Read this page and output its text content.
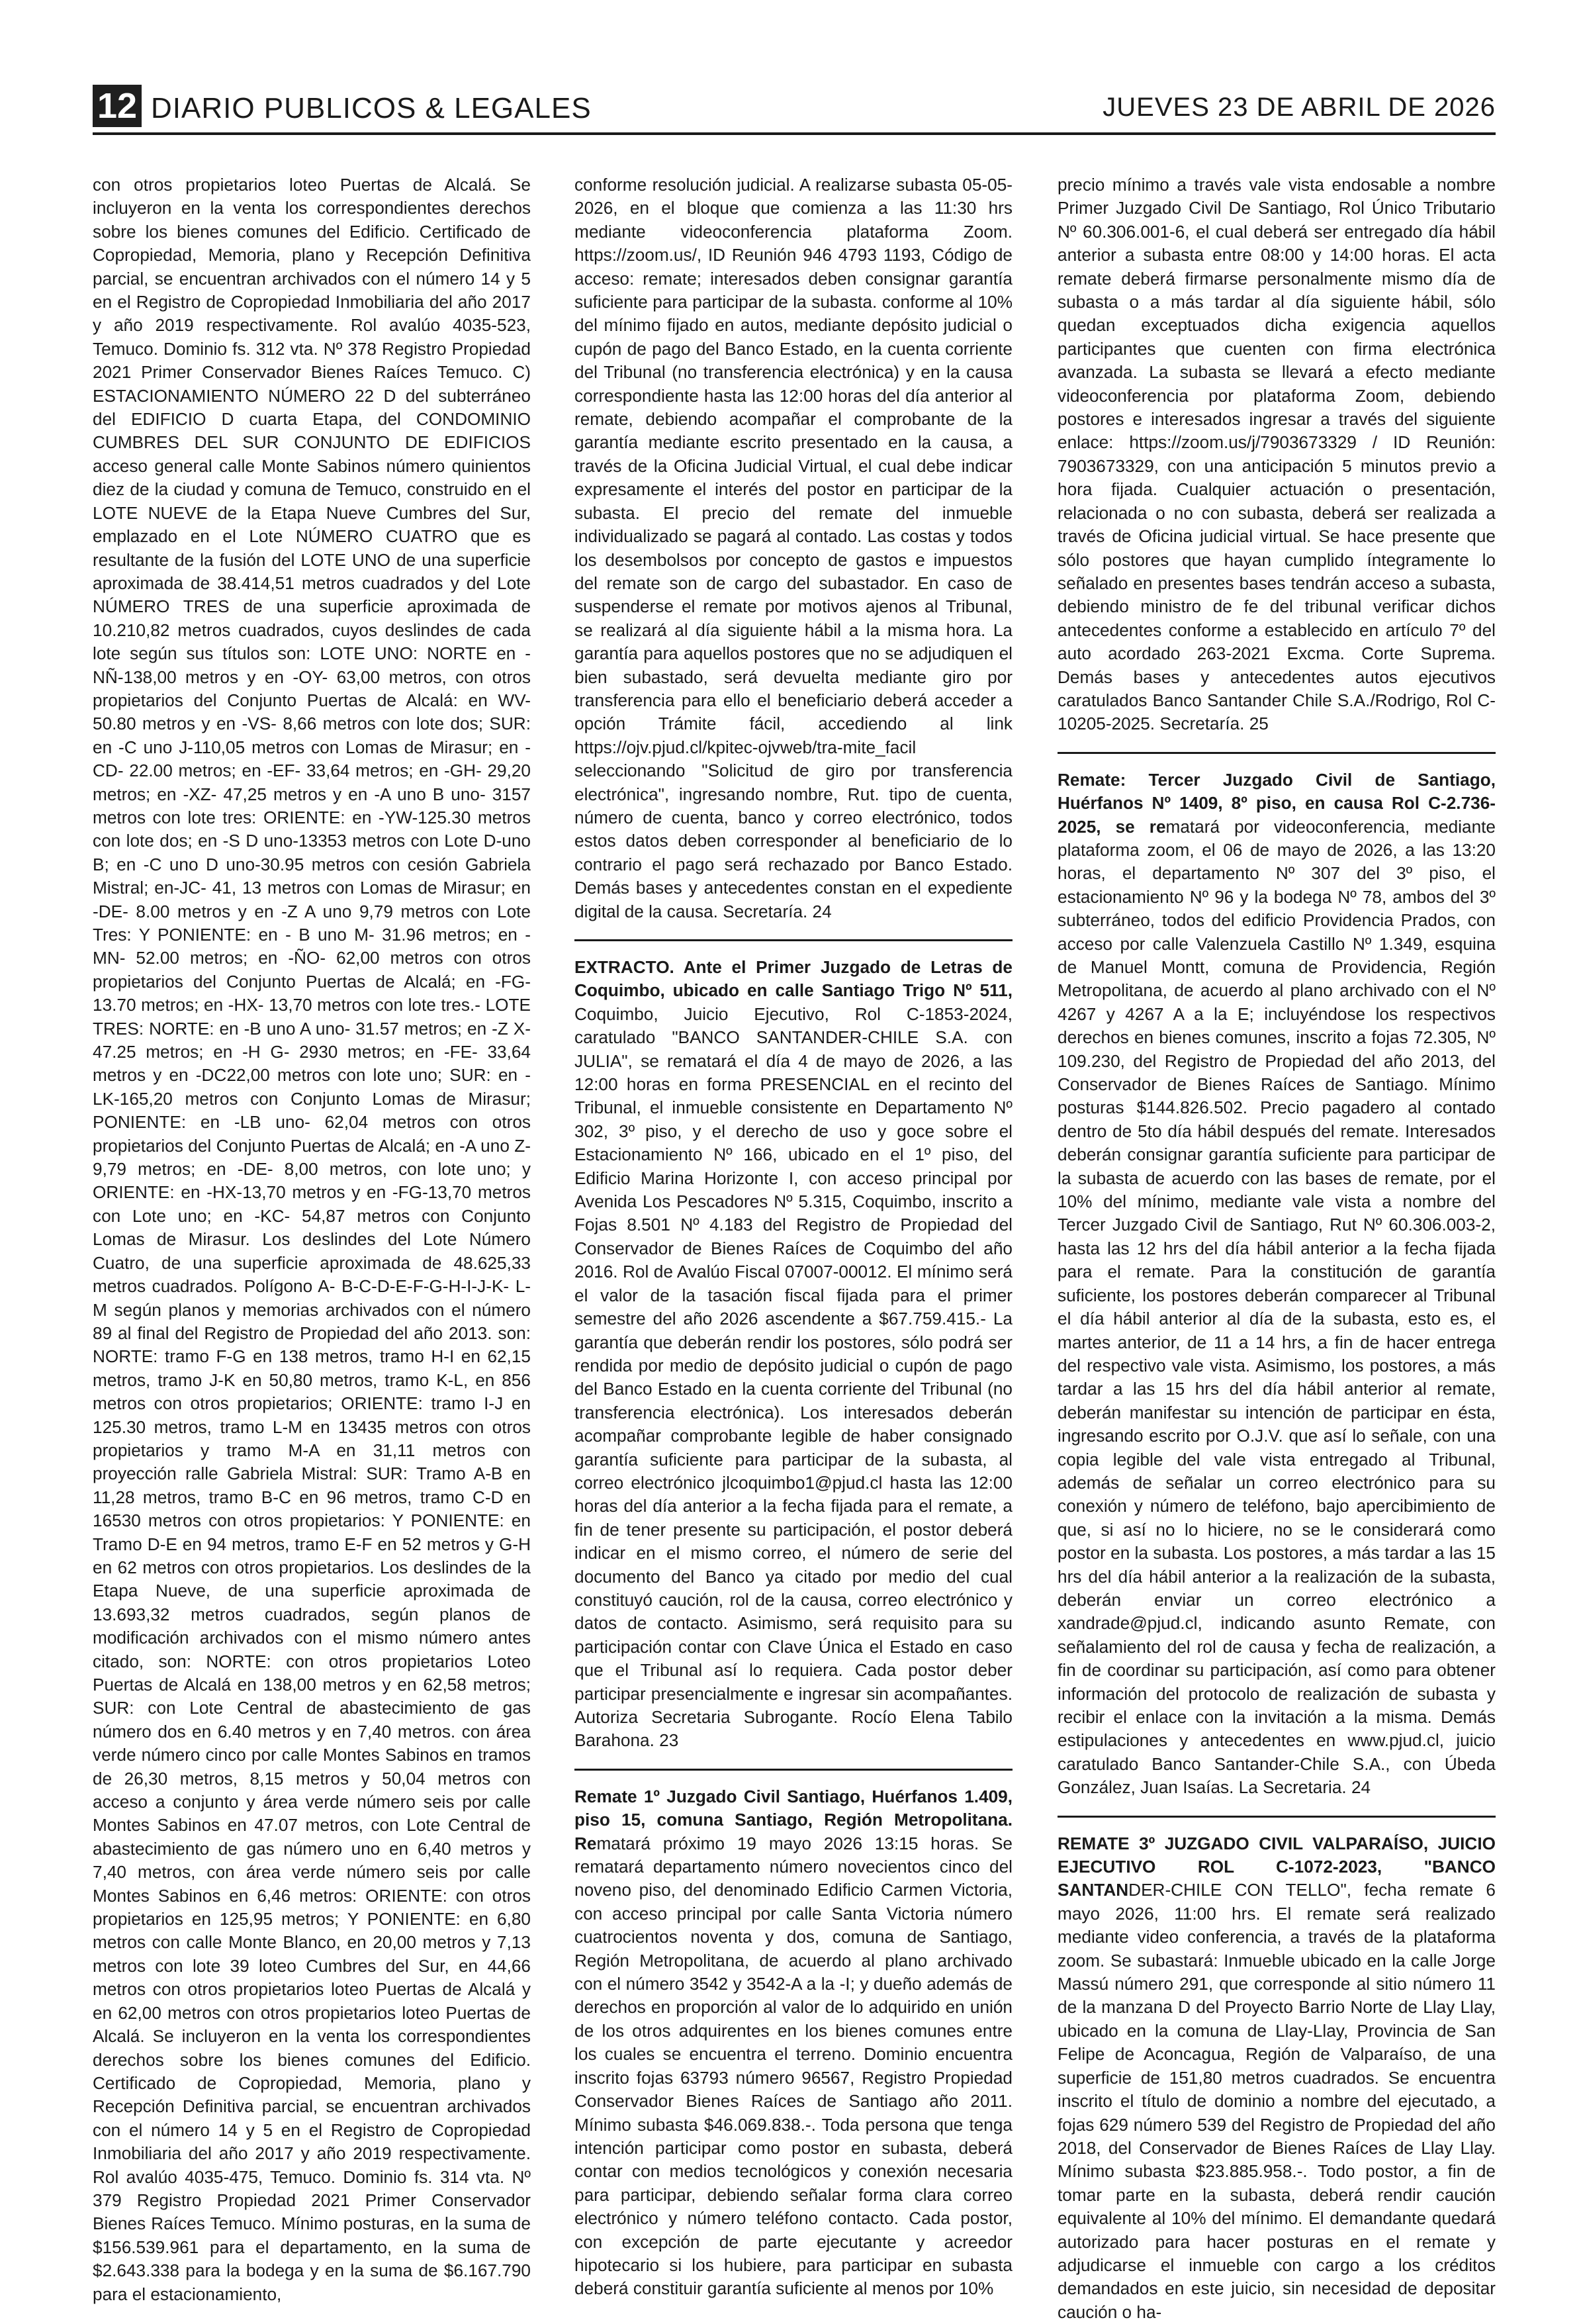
12 DIARIO PUBLICOS & LEGALES	JUEVES 23 DE ABRIL DE 2026

con otros propietarios loteo Puertas de Alcalá. Se incluyeron en la venta los correspondientes derechos sobre los bienes comunes del Edificio. Certificado de Copropiedad, Memoria, plano y Recepción Definitiva parcial, se encuentran archivados con el número 14 y 5 en el Registro de Copropiedad Inmobiliaria del año 2017 y año 2019 respectivamente. Rol avalúo 4035-523, Temuco. Dominio fs. 312 vta. Nº 378 Registro Propiedad 2021 Primer Conservador Bienes Raíces Temuco. C) ESTACIONAMIENTO NÚMERO 22 D del subterráneo del EDIFICIO D cuarta Etapa, del CONDOMINIO CUMBRES DEL SUR CONJUNTO DE EDIFICIOS acceso general calle Monte Sabinos número quinientos diez de la ciudad y comuna de Temuco, construido en el LOTE NUEVE de la Etapa Nueve Cumbres del Sur, emplazado en el Lote NÚMERO CUATRO que es resultante de la fusión del LOTE UNO de una superficie aproximada de 38.414,51 metros cuadrados y del Lote NÚMERO TRES de una superficie aproximada de 10.210,82 metros cuadrados, cuyos deslindes de cada lote según sus títulos son: LOTE UNO: NORTE en -NÑ-138,00 metros y en -OY- 63,00 metros, con otros propietarios del Conjunto Puertas de Alcalá: en WV- 50.80 metros y en -VS- 8,66 metros con lote dos; SUR: en -C uno J-110,05 metros con Lomas de Mirasur; en -CD- 22.00 metros; en -EF- 33,64 metros; en -GH- 29,20 metros; en -XZ- 47,25 metros y en -A uno B uno- 3157 metros con lote tres: ORIENTE: en -YW-125.30 metros con lote dos; en -S D uno-13353 metros con Lote D-uno B; en -C uno D uno-30.95 metros con cesión Gabriela Mistral; en-JC- 41, 13 metros con Lomas de Mirasur; en -DE- 8.00 metros y en -Z A uno 9,79 metros con Lote Tres: Y PONIENTE: en - B uno M- 31.96 metros; en -MN- 52.00 metros; en -ÑO- 62,00 metros con otros propietarios del Conjunto Puertas de Alcalá; en -FG-13.70 metros; en -HX- 13,70 metros con lote tres.- LOTE TRES: NORTE: en -B uno A uno- 31.57 metros; en -Z X- 47.25 metros; en -H G- 2930 metros; en -FE- 33,64 metros y en -DC22,00 metros con lote uno; SUR: en -LK-165,20 metros con Conjunto Lomas de Mirasur; PONIENTE: en -LB uno- 62,04 metros con otros propietarios del Conjunto Puertas de Alcalá; en -A uno Z- 9,79 metros; en -DE- 8,00 metros, con lote uno; y ORIENTE: en -HX-13,70 metros y en -FG-13,70 metros con Lote uno; en -KC- 54,87 metros con Conjunto Lomas de Mirasur. Los deslindes del Lote Número Cuatro, de una superficie aproximada de 48.625,33 metros cuadrados. Polígono A- B-C-D-E-F-G-H-I-J-K- L-M según planos y memorias archivados con el número 89 al final del Registro de Propiedad del año 2013. son: NORTE: tramo F-G en 138 metros, tramo H-I en 62,15 metros, tramo J-K en 50,80 metros, tramo K-L, en 856 metros con otros propietarios; ORIENTE: tramo I-J en 125.30 metros, tramo L-M en 13435 metros con otros propietarios y tramo M-A en 31,11 metros con proyección ralle Gabriela Mistral: SUR: Tramo A-B en 11,28 metros, tramo B-C en 96 metros, tramo C-D en 16530 metros con otros propietarios: Y PONIENTE: en Tramo D-E en 94 metros, tramo E-F en 52 metros y G-H en 62 metros con otros propietarios. Los deslindes de la Etapa Nueve, de una superficie aproximada de 13.693,32 metros cuadrados, según planos de modificación archivados con el mismo número antes citado, son: NORTE: con otros propietarios Loteo Puertas de Alcalá en 138,00 metros y en 62,58 metros; SUR: con Lote Central de abastecimiento de gas número dos en 6.40 metros y en 7,40 metros. con área verde número cinco por calle Montes Sabinos en tramos de 26,30 metros, 8,15 metros y 50,04 metros con acceso a conjunto y área verde número seis por calle Montes Sabinos en 47.07 metros, con Lote Central de abastecimiento de gas número uno en 6,40 metros y 7,40 metros, con área verde número seis por calle Montes Sabinos en 6,46 metros: ORIENTE: con otros propietarios en 125,95 metros; Y PONIENTE: en 6,80 metros con calle Monte Blanco, en 20,00 metros y 7,13 metros con lote 39 loteo Cumbres del Sur, en 44,66 metros con otros propietarios loteo Puertas de Alcalá y en 62,00 metros con otros propietarios loteo Puertas de Alcalá. Se incluyeron en la venta los correspondientes derechos sobre los bienes comunes del Edificio. Certificado de Copropiedad, Memoria, plano y Recepción Definitiva parcial, se encuentran archivados con el número 14 y 5 en el Registro de Copropiedad Inmobiliaria del año 2017 y año 2019 respectivamente. Rol avalúo 4035-475, Temuco. Dominio fs. 314 vta. Nº 379 Registro Propiedad 2021 Primer Conservador Bienes Raíces Temuco. Mínimo posturas, en la suma de $156.539.961 para el departamento, en la suma de $2.643.338 para la bodega y en la suma de $6.167.790 para el estacionamiento,

conforme resolución judicial. A realizarse subasta 05-05-2026, en el bloque que comienza a las 11:30 hrs mediante videoconferencia plataforma Zoom. https://zoom.us/, ID Reunión 946 4793 1193, Código de acceso: remate; interesados deben consignar garantía suficiente para participar de la subasta. conforme al 10% del mínimo fijado en autos, mediante depósito judicial o cupón de pago del Banco Estado, en la cuenta corriente del Tribunal (no transferencia electrónica) y en la causa correspondiente hasta las 12:00 horas del día anterior al remate, debiendo acompañar el comprobante de la garantía mediante escrito presentado en la causa, a través de la Oficina Judicial Virtual, el cual debe indicar expresamente el interés del postor en participar de la subasta. El precio del remate del inmueble individualizado se pagará al contado. Las costas y todos los desembolsos por concepto de gastos e impuestos del remate son de cargo del subastador. En caso de suspenderse el remate por motivos ajenos al Tribunal, se realizará al día siguiente hábil a la misma hora. La garantía para aquellos postores que no se adjudiquen el bien subastado, será devuelta mediante giro por transferencia para ello el beneficiario deberá acceder a opción Trámite fácil, accediendo al link https://ojv.pjud.cl/kpitec-ojvweb/tra-mite_facil seleccionando "Solicitud de giro por transferencia electrónica", ingresando nombre, Rut. tipo de cuenta, número de cuenta, banco y correo electrónico, todos estos datos deben corresponder al beneficiario de lo contrario el pago será rechazado por Banco Estado. Demás bases y antecedentes constan en el expediente digital de la causa. Secretaría. 24

EXTRACTO. Ante el Primer Juzgado de Letras de Coquimbo, ubicado en calle Santiago Trigo Nº 511, Coquimbo, Juicio Ejecutivo, Rol C-1853-2024, caratulado "BANCO SANTANDER-CHILE S.A. con JULIA", se rematará el día 4 de mayo de 2026, a las 12:00 horas en forma PRESENCIAL en el recinto del Tribunal, el inmueble consistente en Departamento Nº 302, 3º piso, y el derecho de uso y goce sobre el Estacionamiento Nº 166, ubicado en el 1º piso, del Edificio Marina Horizonte I, con acceso principal por Avenida Los Pescadores Nº 5.315, Coquimbo, inscrito a Fojas 8.501 Nº 4.183 del Registro de Propiedad del Conservador de Bienes Raíces de Coquimbo del año 2016. Rol de Avalúo Fiscal 07007-00012. El mínimo será el valor de la tasación fiscal fijada para el primer semestre del año 2026 ascendente a $67.759.415.- La garantía que deberán rendir los postores, sólo podrá ser rendida por medio de depósito judicial o cupón de pago del Banco Estado en la cuenta corriente del Tribunal (no transferencia electrónica). Los interesados deberán acompañar comprobante legible de haber consignado garantía suficiente para participar de la subasta, al correo electrónico jlcoquimbo1@pjud.cl hasta las 12:00 horas del día anterior a la fecha fijada para el remate, a fin de tener presente su participación, el postor deberá indicar en el mismo correo, el número de serie del documento del Banco ya citado por medio del cual constituyó caución, rol de la causa, correo electrónico y datos de contacto. Asimismo, será requisito para su participación contar con Clave Única el Estado en caso que el Tribunal así lo requiera. Cada postor deber participar presencialmente e ingresar sin acompañantes. Autoriza Secretaria Subrogante. Rocío Elena Tabilo Barahona. 23

Remate 1º Juzgado Civil Santiago, Huérfanos 1.409, piso 15, comuna Santiago, Región Metropolitana. Rematará próximo 19 mayo 2026 13:15 horas. Se rematará departamento número novecientos cinco del noveno piso, del denominado Edificio Carmen Victoria, con acceso principal por calle Santa Victoria número cuatrocientos noventa y dos, comuna de Santiago, Región Metropolitana, de acuerdo al plano archivado con el número 3542 y 3542-A a la -I; y dueño además de derechos en proporción al valor de lo adquirido en unión de los otros adquirentes en los bienes comunes entre los cuales se encuentra el terreno. Dominio encuentra inscrito fojas 63793 número 96567, Registro Propiedad Conservador Bienes Raíces de Santiago año 2011. Mínimo subasta $46.069.838.-. Toda persona que tenga intención participar como postor en subasta, deberá contar con medios tecnológicos y conexión necesaria para participar, debiendo señalar forma clara correo electrónico y número teléfono contacto. Cada postor, con excepción de parte ejecutante y acreedor hipotecario si los hubiere, para participar en subasta deberá constituir garantía suficiente al menos por 10%

precio mínimo a través vale vista endosable a nombre Primer Juzgado Civil De Santiago, Rol Único Tributario Nº 60.306.001-6, el cual deberá ser entregado día hábil anterior a subasta entre 08:00 y 14:00 horas. El acta remate deberá firmarse personalmente mismo día de subasta o a más tardar al día siguiente hábil, sólo quedan exceptuados dicha exigencia aquellos participantes que cuenten con firma electrónica avanzada. La subasta se llevará a efecto mediante videoconferencia por plataforma Zoom, debiendo postores e interesados ingresar a través del siguiente enlace: https://zoom.us/j/7903673329 / ID Reunión: 7903673329, con una anticipación 5 minutos previo a hora fijada. Cualquier actuación o presentación, relacionada o no con subasta, deberá ser realizada a través de Oficina judicial virtual. Se hace presente que sólo postores que hayan cumplido íntegramente lo señalado en presentes bases tendrán acceso a subasta, debiendo ministro de fe del tribunal verificar dichos antecedentes conforme a establecido en artículo 7º del auto acordado 263-2021 Excma. Corte Suprema. Demás bases y antecedentes autos ejecutivos caratulados Banco Santander Chile S.A./Rodrigo, Rol C-10205-2025. Secretaría. 25

Remate: Tercer Juzgado Civil de Santiago, Huérfanos Nº 1409, 8º piso, en causa Rol C-2.736-2025, se rematará por videoconferencia, mediante plataforma zoom, el 06 de mayo de 2026, a las 13:20 horas, el departamento Nº 307 del 3º piso, el estacionamiento Nº 96 y la bodega Nº 78, ambos del 3º subterráneo, todos del edificio Providencia Prados, con acceso por calle Valenzuela Castillo Nº 1.349, esquina de Manuel Montt, comuna de Providencia, Región Metropolitana, de acuerdo al plano archivado con el Nº 4267 y 4267 A a la E; incluyéndose los respectivos derechos en bienes comunes, inscrito a fojas 72.305, Nº 109.230, del Registro de Propiedad del año 2013, del Conservador de Bienes Raíces de Santiago. Mínimo posturas $144.826.502. Precio pagadero al contado dentro de 5to día hábil después del remate. Interesados deberán consignar garantía suficiente para participar de la subasta de acuerdo con las bases de remate, por el 10% del mínimo, mediante vale vista a nombre del Tercer Juzgado Civil de Santiago, Rut Nº 60.306.003-2, hasta las 12 hrs del día hábil anterior a la fecha fijada para el remate. Para la constitución de garantía suficiente, los postores deberán comparecer al Tribunal el día hábil anterior al día de la subasta, esto es, el martes anterior, de 11 a 14 hrs, a fin de hacer entrega del respectivo vale vista. Asimismo, los postores, a más tardar a las 15 hrs del día hábil anterior al remate, deberán manifestar su intención de participar en ésta, ingresando escrito por O.J.V. que así lo señale, con una copia legible del vale vista entregado al Tribunal, además de señalar un correo electrónico para su conexión y número de teléfono, bajo apercibimiento de que, si así no lo hiciere, no se le considerará como postor en la subasta. Los postores, a más tardar a las 15 hrs del día hábil anterior a la realización de la subasta, deberán enviar un correo electrónico a xandrade@pjud.cl, indicando asunto Remate, con señalamiento del rol de causa y fecha de realización, a fin de coordinar su participación, así como para obtener información del protocolo de realización de subasta y recibir el enlace con la invitación a la misma. Demás estipulaciones y antecedentes en www.pjud.cl, juicio caratulado Banco Santander-Chile S.A., con Úbeda González, Juan Isaías. La Secretaria. 24

REMATE 3º JUZGADO CIVIL VALPARAÍSO, JUICIO EJECUTIVO ROL C-1072-2023, "BANCO SANTANDER-CHILE CON TELLO", fecha remate 6 mayo 2026, 11:00 hrs. El remate será realizado mediante video conferencia, a través de la plataforma zoom. Se subastará: Inmueble ubicado en la calle Jorge Massú número 291, que corresponde al sitio número 11 de la manzana D del Proyecto Barrio Norte de Llay Llay, ubicado en la comuna de Llay-Llay, Provincia de San Felipe de Aconcagua, Región de Valparaíso, de una superficie de 151,80 metros cuadrados. Se encuentra inscrito el título de dominio a nombre del ejecutado, a fojas 629 número 539 del Registro de Propiedad del año 2018, del Conservador de Bienes Raíces de Llay Llay. Mínimo subasta $23.885.958.-. Todo postor, a fin de tomar parte en la subasta, deberá rendir caución equivalente al 10% del mínimo. El demandante quedará autorizado para hacer posturas en el remate y adjudicarse el inmueble con cargo a los créditos demandados en este juicio, sin necesidad de depositar caución o ha-
